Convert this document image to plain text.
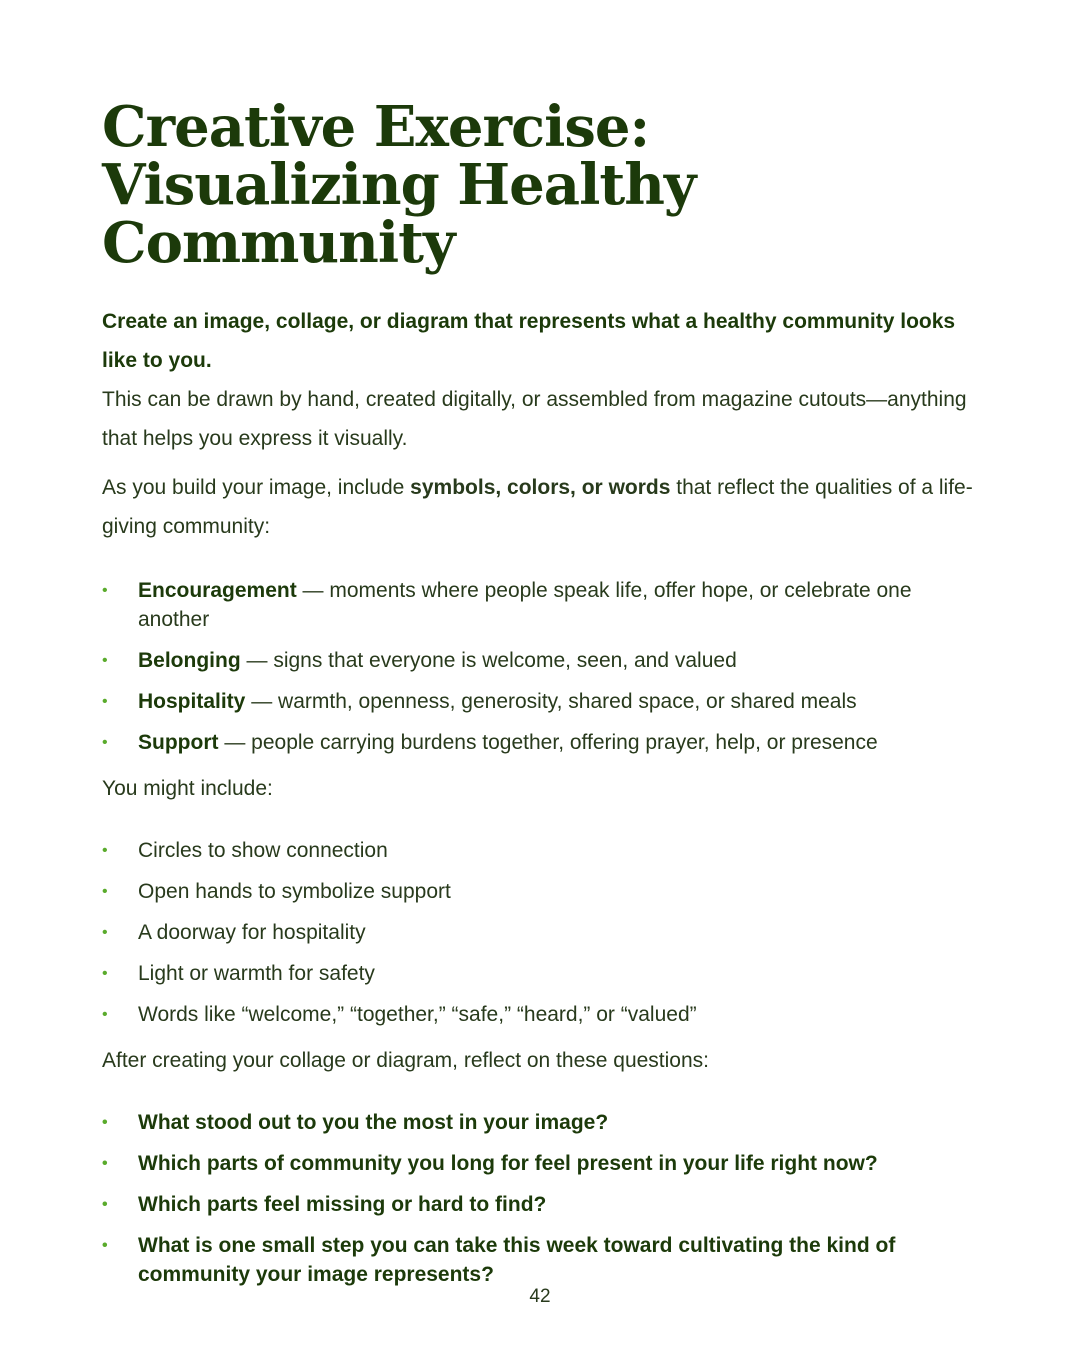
Creative Exercise: Visualizing Healthy Community

Create an image, collage, or diagram that represents what a healthy community looks like to you.

This can be drawn by hand, created digitally, or assembled from magazine cutouts—anything that helps you express it visually.

As you build your image, include symbols, colors, or words that reflect the qualities of a life-giving community:

• Encouragement — moments where people speak life, offer hope, or celebrate one another
• Belonging — signs that everyone is welcome, seen, and valued
• Hospitality — warmth, openness, generosity, shared space, or shared meals
• Support — people carrying burdens together, offering prayer, help, or presence

You might include:

• Circles to show connection
• Open hands to symbolize support
• A doorway for hospitality
• Light or warmth for safety
• Words like “welcome,” “together,” “safe,” “heard,” or “valued”

After creating your collage or diagram, reflect on these questions:

• What stood out to you the most in your image?
• Which parts of community you long for feel present in your life right now?
• Which parts feel missing or hard to find?
• What is one small step you can take this week toward cultivating the kind of community your image represents?
42
